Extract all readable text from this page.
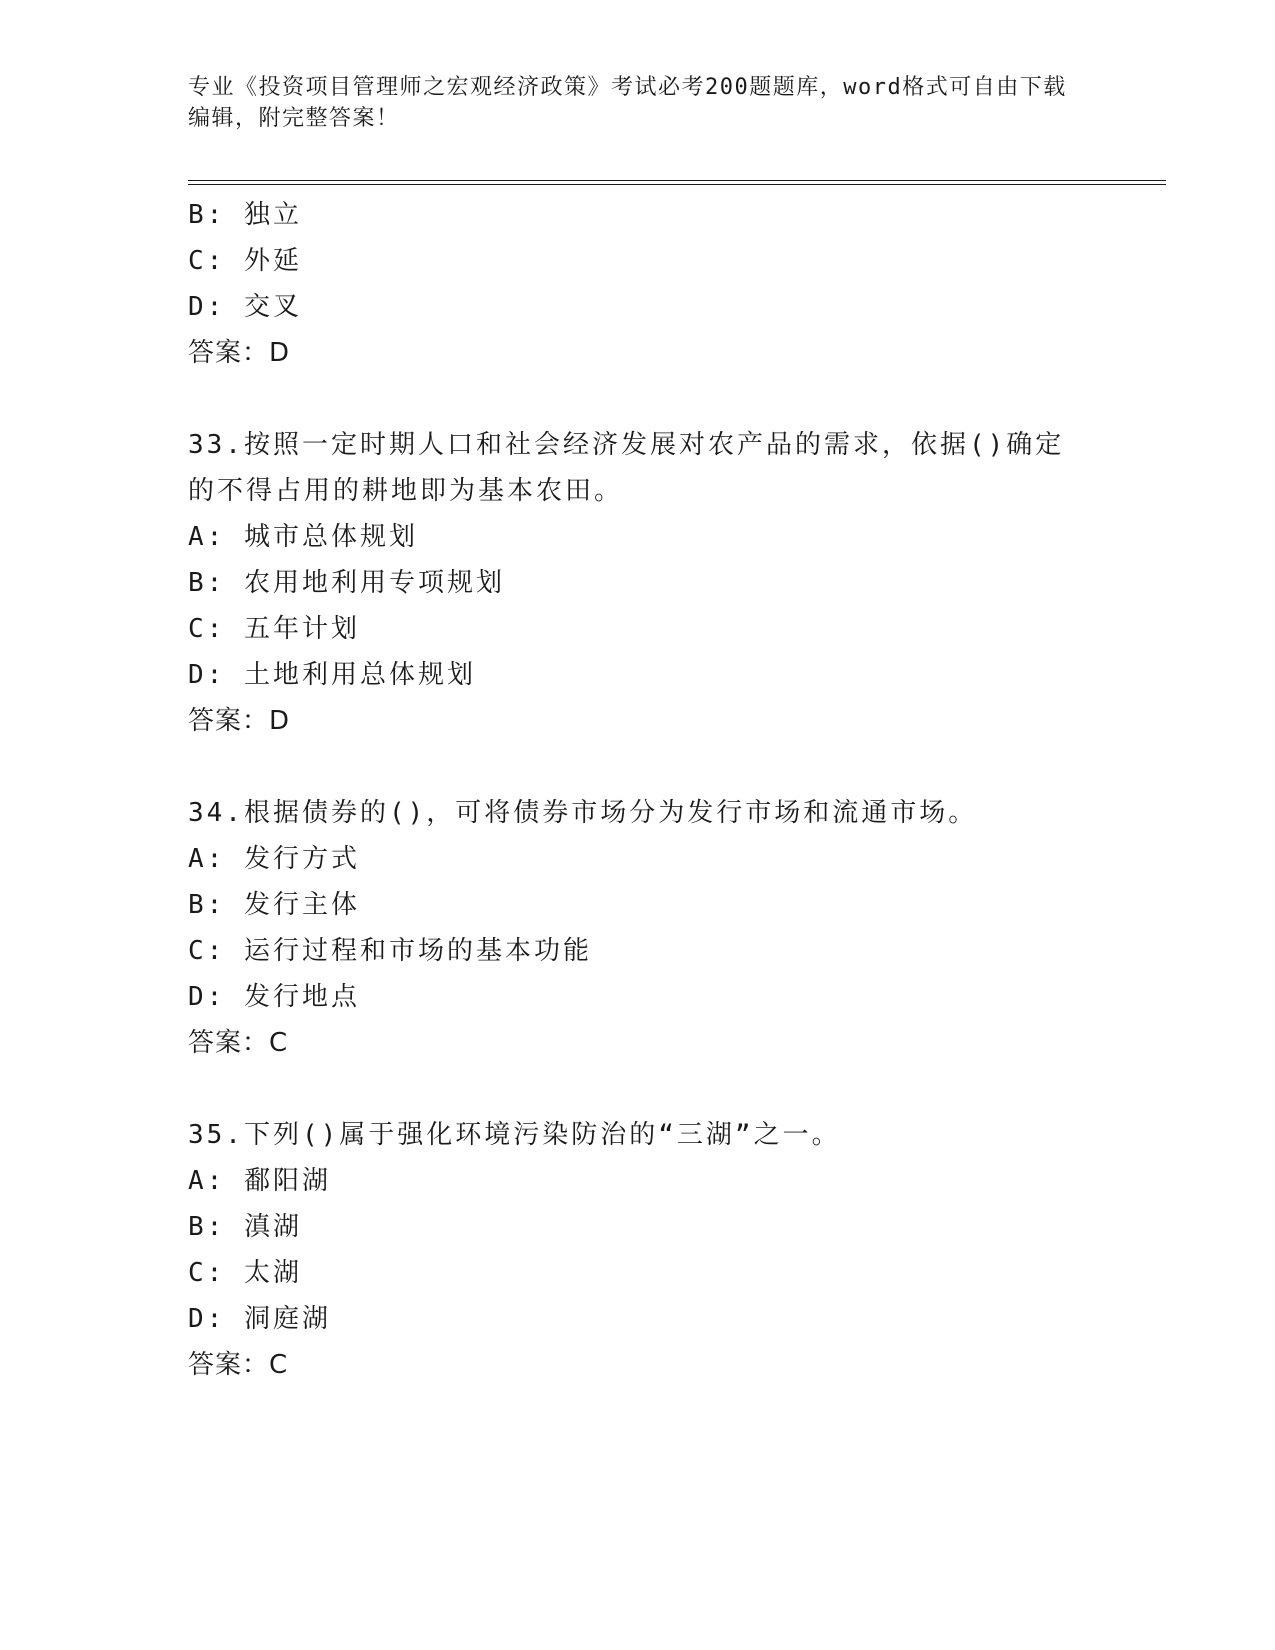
专业《投资项目管理师之宏观经济政策》考试必考200题题库，word格式可自由下载编辑，附完整答案！
B: 独立
C: 外延
D: 交叉
答案：D
33.按照一定时期人口和社会经济发展对农产品的需求，依据()确定的不得占用的耕地即为基本农田。
A: 城市总体规划
B: 农用地利用专项规划
C: 五年计划
D: 土地利用总体规划
答案：D
34.根据债券的()，可将债券市场分为发行市场和流通市场。
A: 发行方式
B: 发行主体
C: 运行过程和市场的基本功能
D: 发行地点
答案：C
35.下列()属于强化环境污染防治的“三湖”之一。
A: 鄱阳湖
B: 滇湖
C: 太湖
D: 洞庭湖
答案：C
